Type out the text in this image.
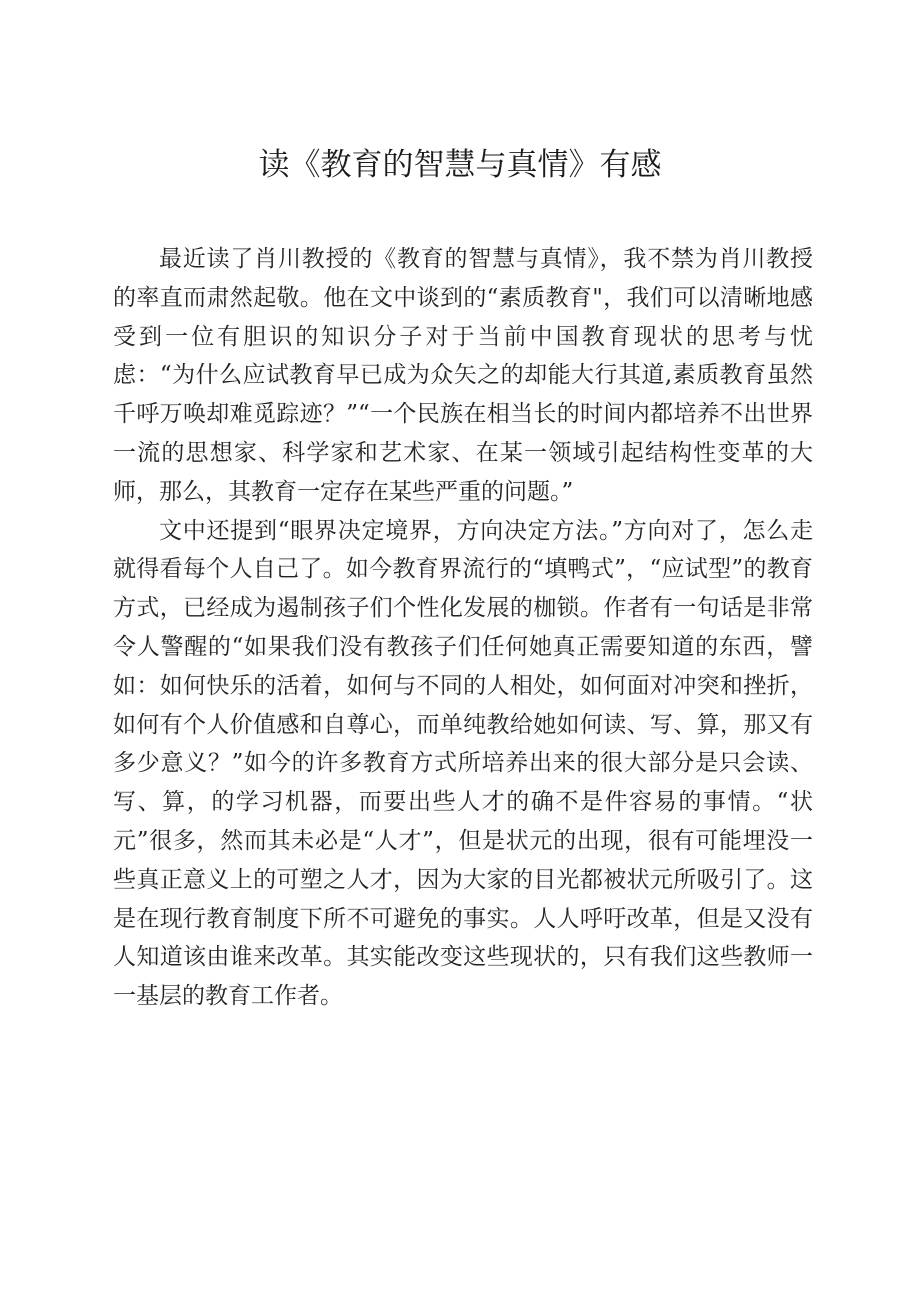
读《教育的智慧与真情》有感

最近读了肖川教授的《教育的智慧与真情》，我不禁为肖川教授的率直而肃然起敬。他在文中谈到的“素质教育"，我们可以清晰地感受到一位有胆识的知识分子对于当前中国教育现状的思考与忧虑：“为什么应试教育早已成为众矢之的却能大行其道,素质教育虽然千呼万唤却难觅踪迹？”“一个民族在相当长的时间内都培养不出世界一流的思想家、科学家和艺术家、在某一领域引起结构性变革的大师，那么，其教育一定存在某些严重的问题。”

文中还提到“眼界决定境界，方向决定方法。”方向对了，怎么走就得看每个人自己了。如今教育界流行的“填鸭式”，“应试型”的教育方式，已经成为遏制孩子们个性化发展的枷锁。作者有一句话是非常令人警醒的“如果我们没有教孩子们任何她真正需要知道的东西，譬如：如何快乐的活着，如何与不同的人相处，如何面对冲突和挫折，如何有个人价值感和自尊心，而单纯教给她如何读、写、算，那又有多少意义？”如今的许多教育方式所培养出来的很大部分是只会读、写、算，的学习机器，而要出些人才的确不是件容易的事情。“状元”很多，然而其未必是“人才”，但是状元的出现，很有可能埋没一些真正意义上的可塑之人才，因为大家的目光都被状元所吸引了。这是在现行教育制度下所不可避免的事实。人人呼吁改革，但是又没有人知道该由谁来改革。其实能改变这些现状的，只有我们这些教师一一基层的教育工作者。
